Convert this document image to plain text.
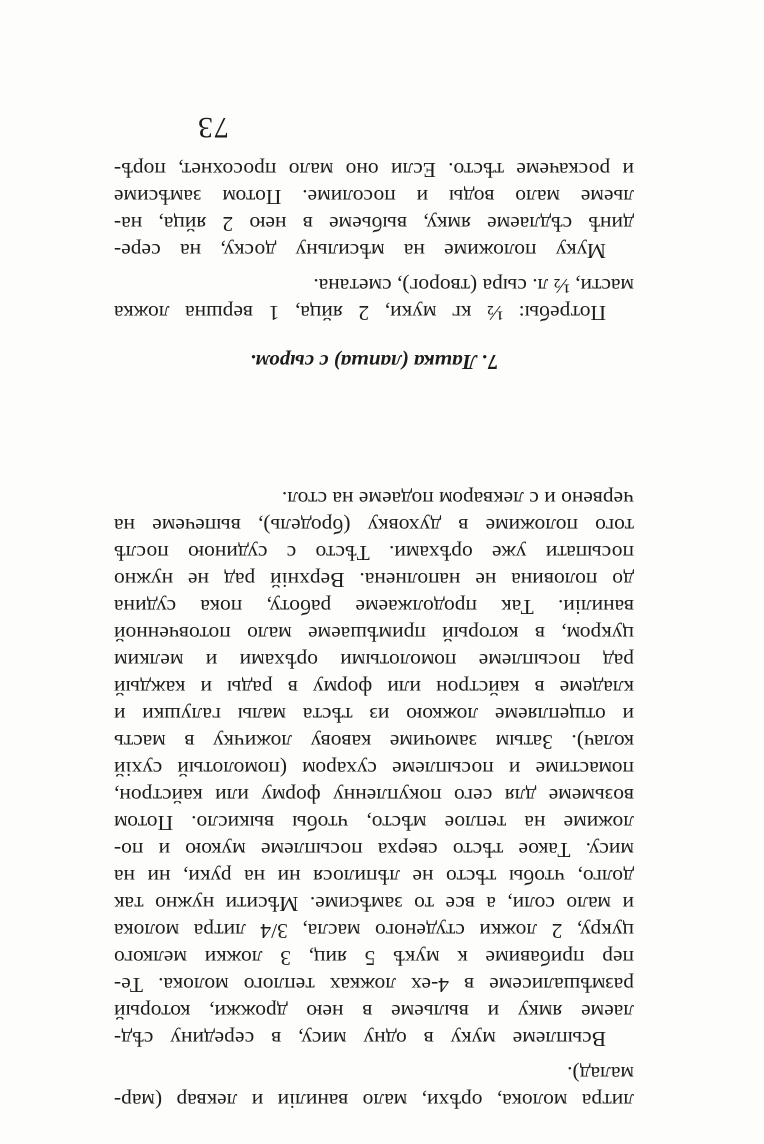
литра молока, орѣхи, мало ванилiи и леквар (мар-

малад).

Всыплеме муку в одну мису, в середину сѣд-

лаеме ямку и выльеме в нею дрожжи, который

размѣшалисеме в 4-ех ложках теплого молока. Те-

пер прибавиме к мукѣ 5 яиц, 3 ложки мелкого

цукру, 2 ложки студеного масла, 3/4 литра молока

и мало соли, а все то замѣсиме. Мѣсити нужно так

долго, чтобы тѣсто не лѣпилося ни на руки, ни на

мису. Такое тѣсто сверха посыплеме мукою и по-

ложиме на теплое мѣсто, чтобы выкисло. Потом

возьмеме для сего покупленну форму или кайстрон,

помастиме и посыплеме сухаром (помолотый сухiй

колач). Затым замочиме кавову ложичку в масть

и отщепляеме ложкою из тѣста малы галушки и

кладеме в кайстрон или форму в рады и каждый

рад посыплеме помолотыми орѣхами и мелким

цукром, в который примѣшаеме мало потовченной

ванилiи. Так продолжаеме работу, пока судина

до половина не наполнена. Верхнiй рад не нужно

посыпати уже орѣхами. Тѣсто с судиною послѣ

того положиме в духовку (бродель), выпечеме на

червено и с лекваром подаеме на стол.

7. Лашка (лапша) с сыром.

Потребы: ½ кг муки, 2 яйца, 1 вершна ложка

масти, ½ л. сыра (творог), сметана.

Муку положиме на мѣсильну доску, на сере-

динѣ сѣдлаеме ямку, выбьеме в нею 2 яйца, на-

льеме мало воды и посолиме. Потом замѣсиме

и роскачеме тѣсто. Если оно мало просохнет, порѣ-

73
